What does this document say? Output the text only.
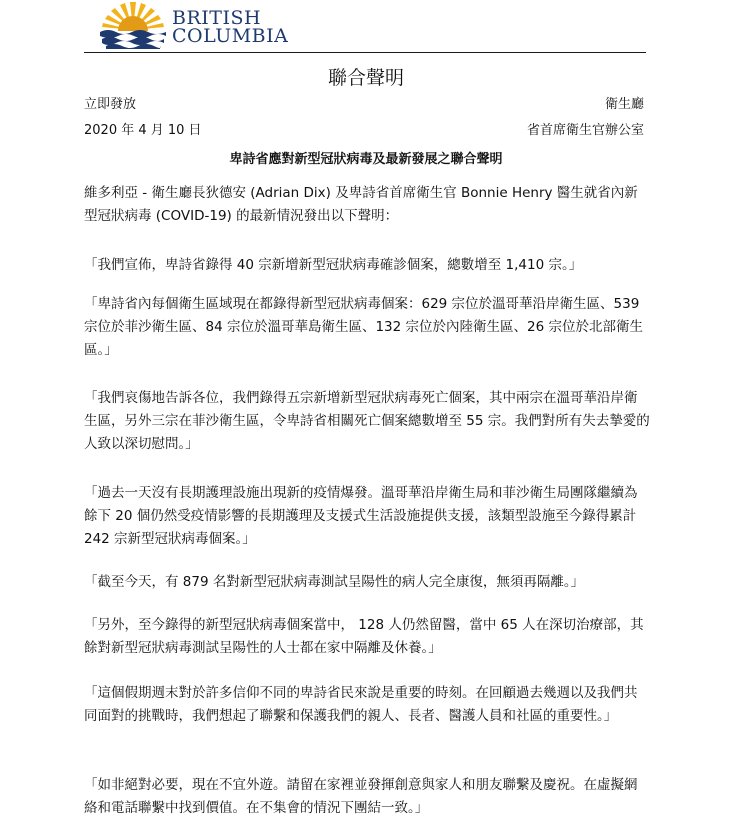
BRITISH
COLUMBIA
聯合聲明
立即發放
2020 年 4 月 10 日
衛生廳
省首席衛生官辦公室
卑詩省應對新型冠狀病毒及最新發展之聯合聲明
維多利亞 - 衛生廳長狄德安 (Adrian Dix) 及卑詩省首席衛生官 Bonnie Henry 醫生就省內新型冠狀病毒 (COVID-19) 的最新情況發出以下聲明：
「我們宣佈，卑詩省錄得 40 宗新增新型冠狀病毒確診個案，總數增至 1,410 宗。」
「卑詩省內每個衛生區域現在都錄得新型冠狀病毒個案：629 宗位於溫哥華沿岸衛生區、539 宗位於菲沙衛生區、84 宗位於溫哥華島衛生區、132 宗位於內陸衛生區、26 宗位於北部衛生區。」
「我們哀傷地告訴各位，我們錄得五宗新增新型冠狀病毒死亡個案，其中兩宗在溫哥華沿岸衛生區，另外三宗在菲沙衛生區，令卑詩省相關死亡個案總數增至 55 宗。我們對所有失去摯愛的人致以深切慰問。」
「過去一天沒有長期護理設施出現新的疫情爆發。溫哥華沿岸衛生局和菲沙衛生局團隊繼續為餘下 20 個仍然受疫情影響的長期護理及支援式生活設施提供支援，該類型設施至今錄得累計 242 宗新型冠狀病毒個案。」
「截至今天，有 879 名對新型冠狀病毒測試呈陽性的病人完全康復，無須再隔離。」
「另外，至今錄得的新型冠狀病毒個案當中， 128 人仍然留醫，當中 65 人在深切治療部，其餘對新型冠狀病毒測試呈陽性的人士都在家中隔離及休養。」
「這個假期週末對於許多信仰不同的卑詩省民來說是重要的時刻。在回顧過去幾週以及我們共同面對的挑戰時，我們想起了聯繫和保護我們的親人、長者、醫護人員和社區的重要性。」
「如非絕對必要，現在不宜外遊。請留在家裡並發揮創意與家人和朋友聯繫及慶祝。在虛擬網絡和電話聯繫中找到價值。在不集會的情況下團結一致。」
